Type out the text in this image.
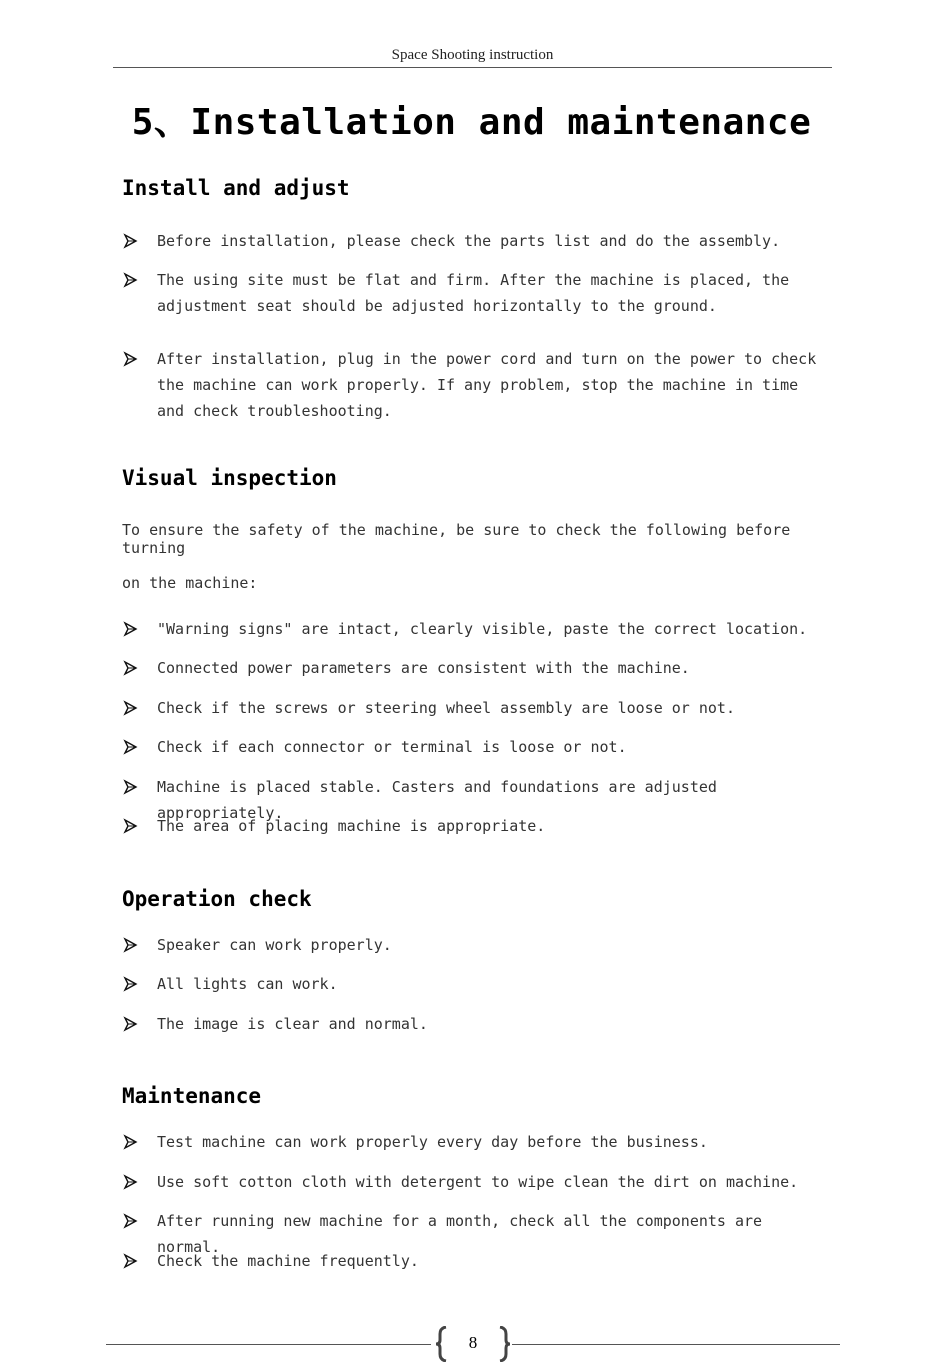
Space Shooting instruction
5、Installation and maintenance
Install and adjust
Before installation, please check the parts list and do the assembly.
The using site must be flat and firm. After the machine is placed, the adjustment seat should be adjusted horizontally to the ground.
After installation, plug in the power cord and turn on the power to check the machine can work properly. If any problem, stop the machine in time and check troubleshooting.
Visual inspection
To ensure the safety of the machine, be sure to check the following before turning
on the machine:
"Warning signs" are intact, clearly visible, paste the correct location.
Connected power parameters are consistent with the machine.
Check if the screws or steering wheel assembly are loose or not.
Check if each connector or terminal is loose or not.
Machine is placed stable. Casters and foundations are adjusted appropriately.
The area of placing machine is appropriate.
Operation check
Speaker can work properly.
All lights can work.
The image is clear and normal.
Maintenance
Test machine can work properly every day before the business.
Use soft cotton cloth with detergent to wipe clean the dirt on machine.
After running new machine for a month, check all the components are normal.
Check the machine frequently.
8
